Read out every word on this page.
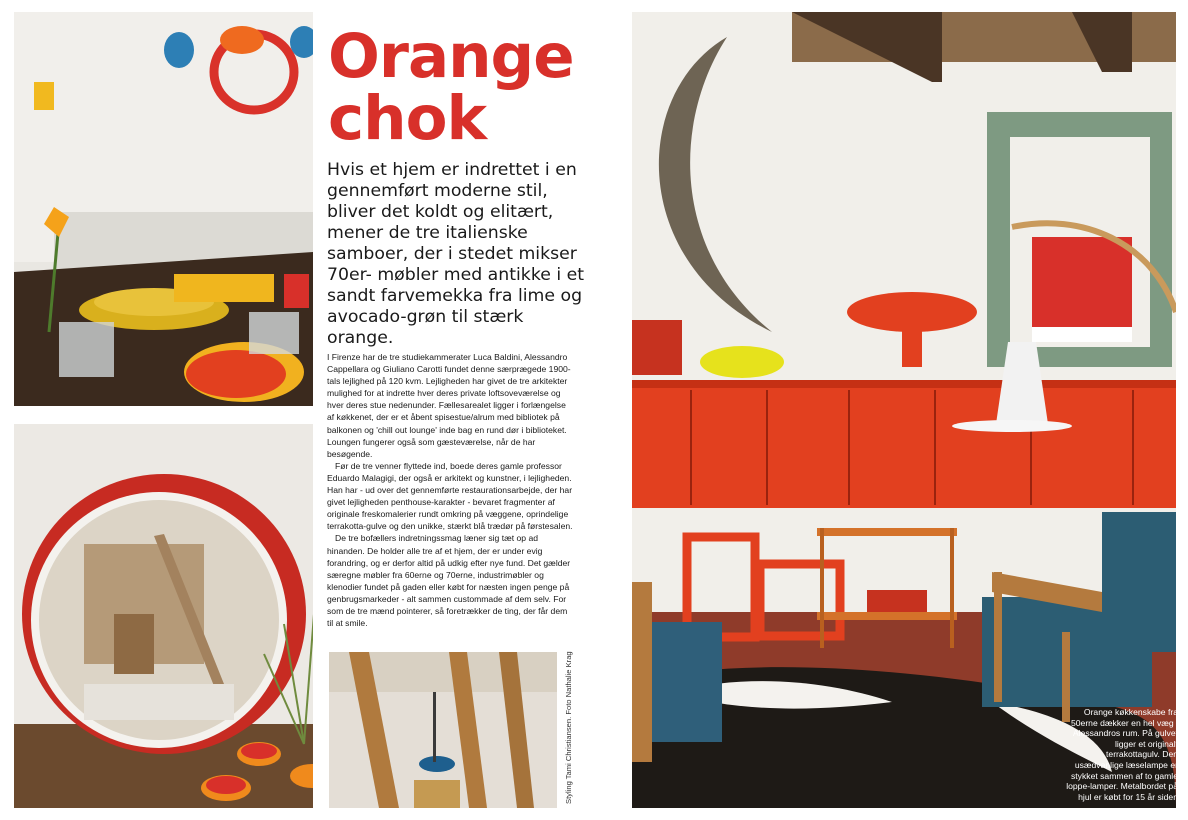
Orange chok

Hvis et hjem er indrettet i en gennemført moderne stil, bliver det koldt og elitært, mener de tre italienske samboer, der i stedet mikser 70er- møbler med antikke i et sandt farvemekka fra lime og avocado-grøn til stærk orange.

I Firenze har de tre studiekammerater Luca Baldini, Alessandro Cappellara og Giuliano Carotti fundet denne særprægede 1900-tals lejlighed på 120 kvm. Lejligheden har givet de tre arkitekter mulighed for at indrette hver deres private loftsoveværelse og hver deres stue nedenunder. Fællesarealet ligger i forlængelse af køkkenet, der er et åbent spisestue/alrum med bibliotek på balkonen og 'chill out lounge' inde bag en rund dør i biblioteket. Loungen fungerer også som gæsteværelse, når de har besøgende.

Før de tre venner flyttede ind, boede deres gamle professor Eduardo Malagigi, der også er arkitekt og kunstner, i lejligheden. Han har - ud over det gennemførte restaurationsarbejde, der har givet lejligheden penthouse-karakter - bevaret fragmenter af originale freskomalerier rundt omkring på væggene, oprindelige terrakotta-gulve og den unikke, stærkt blå trædør på førstesalen.

De tre bofællers indretningssmag læner sig tæt op ad hinanden. De holder alle tre af et hjem, der er under evig forandring, og er derfor altid på udkig efter nye fund. Det gælder særegne møbler fra 60erne og 70erne, industrimøbler og klenodier fundet på gaden eller købt for næsten ingen penge på genbrugsmarkeder - alt sammen custommade af dem selv. For som de tre mænd pointerer, så foretrækker de ting, der får dem til at smile.

Styling Tami Christiansen. Foto Nathalie Krag	Orange køkkenskabe fra 50erne dækker en hel væg i Alessandros rum. På gulvet ligger et originalt terrakottagulv. Den usædvanlige læselampe er stykket sammen af to gamle loppe-lamper. Metalbordet på hjul er købt for 15 år siden
